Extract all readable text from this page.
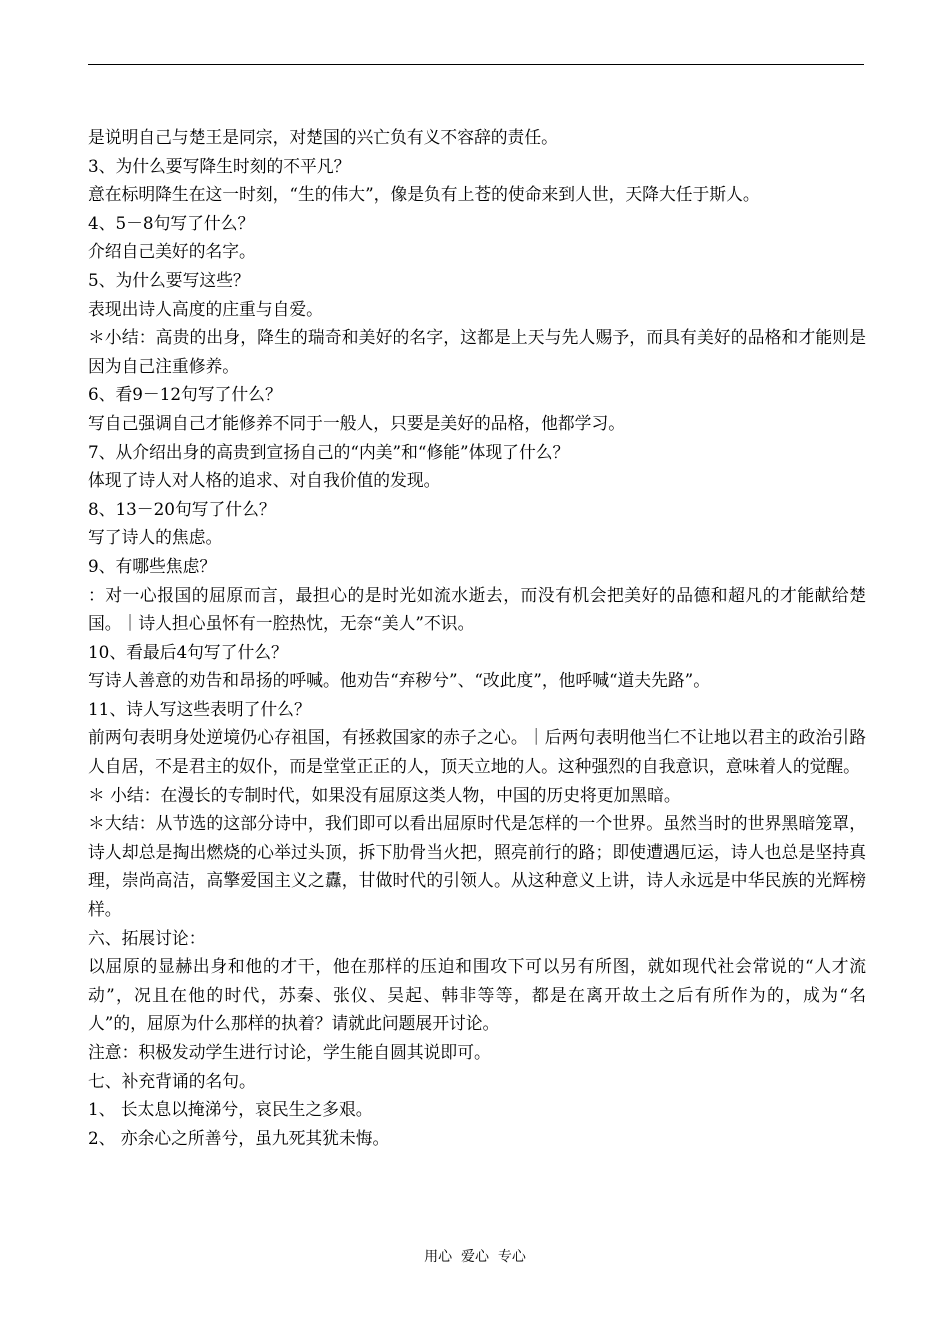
是说明自己与楚王是同宗，对楚国的兴亡负有义不容辞的责任。

3、为什么要写降生时刻的不平凡？

意在标明降生在这一时刻，“生的伟大”，像是负有上苍的使命来到人世，天降大任于斯人。

4、5－8句写了什么？

介绍自己美好的名字。

5、为什么要写这些？

表现出诗人高度的庄重与自爱。

＊小结：高贵的出身，降生的瑞奇和美好的名字，这都是上天与先人赐予，而具有美好的品格和才能则是因为自己注重修养。

6、看9－12句写了什么？

写自己强调自己才能修养不同于一般人，只要是美好的品格，他都学习。

7、从介绍出身的高贵到宣扬自己的“内美”和“修能”体现了什么？

体现了诗人对人格的追求、对自我价值的发现。

8、13－20句写了什么？

写了诗人的焦虑。

9、有哪些焦虑？

：对一心报国的屈原而言，最担心的是时光如流水逝去，而没有机会把美好的品德和超凡的才能献给楚国。｜诗人担心虽怀有一腔热忱，无奈“美人”不识。

10、看最后4句写了什么？

写诗人善意的劝告和昂扬的呼喊。他劝告“弃秽兮”、“改此度”，他呼喊“道夫先路”。

11、诗人写这些表明了什么？

前两句表明身处逆境仍心存祖国，有拯救国家的赤子之心。｜后两句表明他当仁不让地以君主的政治引路人自居，不是君主的奴仆，而是堂堂正正的人，顶天立地的人。这种强烈的自我意识，意味着人的觉醒。

＊ 小结：在漫长的专制时代，如果没有屈原这类人物，中国的历史将更加黑暗。

＊大结：从节选的这部分诗中，我们即可以看出屈原时代是怎样的一个世界。虽然当时的世界黑暗笼罩，诗人却总是掏出燃烧的心举过头顶，拆下肋骨当火把，照亮前行的路；即使遭遇厄运，诗人也总是坚持真理，崇尚高洁，高擎爱国主义之纛，甘做时代的引领人。从这种意义上讲，诗人永远是中华民族的光辉榜样。

六、拓展讨论：

以屈原的显赫出身和他的才干，他在那样的压迫和围攻下可以另有所图，就如现代社会常说的“人才流动”，况且在他的时代，苏秦、张仪、吴起、韩非等等，都是在离开故土之后有所作为的，成为“名人”的，屈原为什么那样的执着？请就此问题展开讨论。

注意：积极发动学生进行讨论，学生能自圆其说即可。

七、补充背诵的名句。

1、 长太息以掩涕兮，哀民生之多艰。

2、 亦余心之所善兮，虽九死其犹未悔。

用心  爱心  专心
